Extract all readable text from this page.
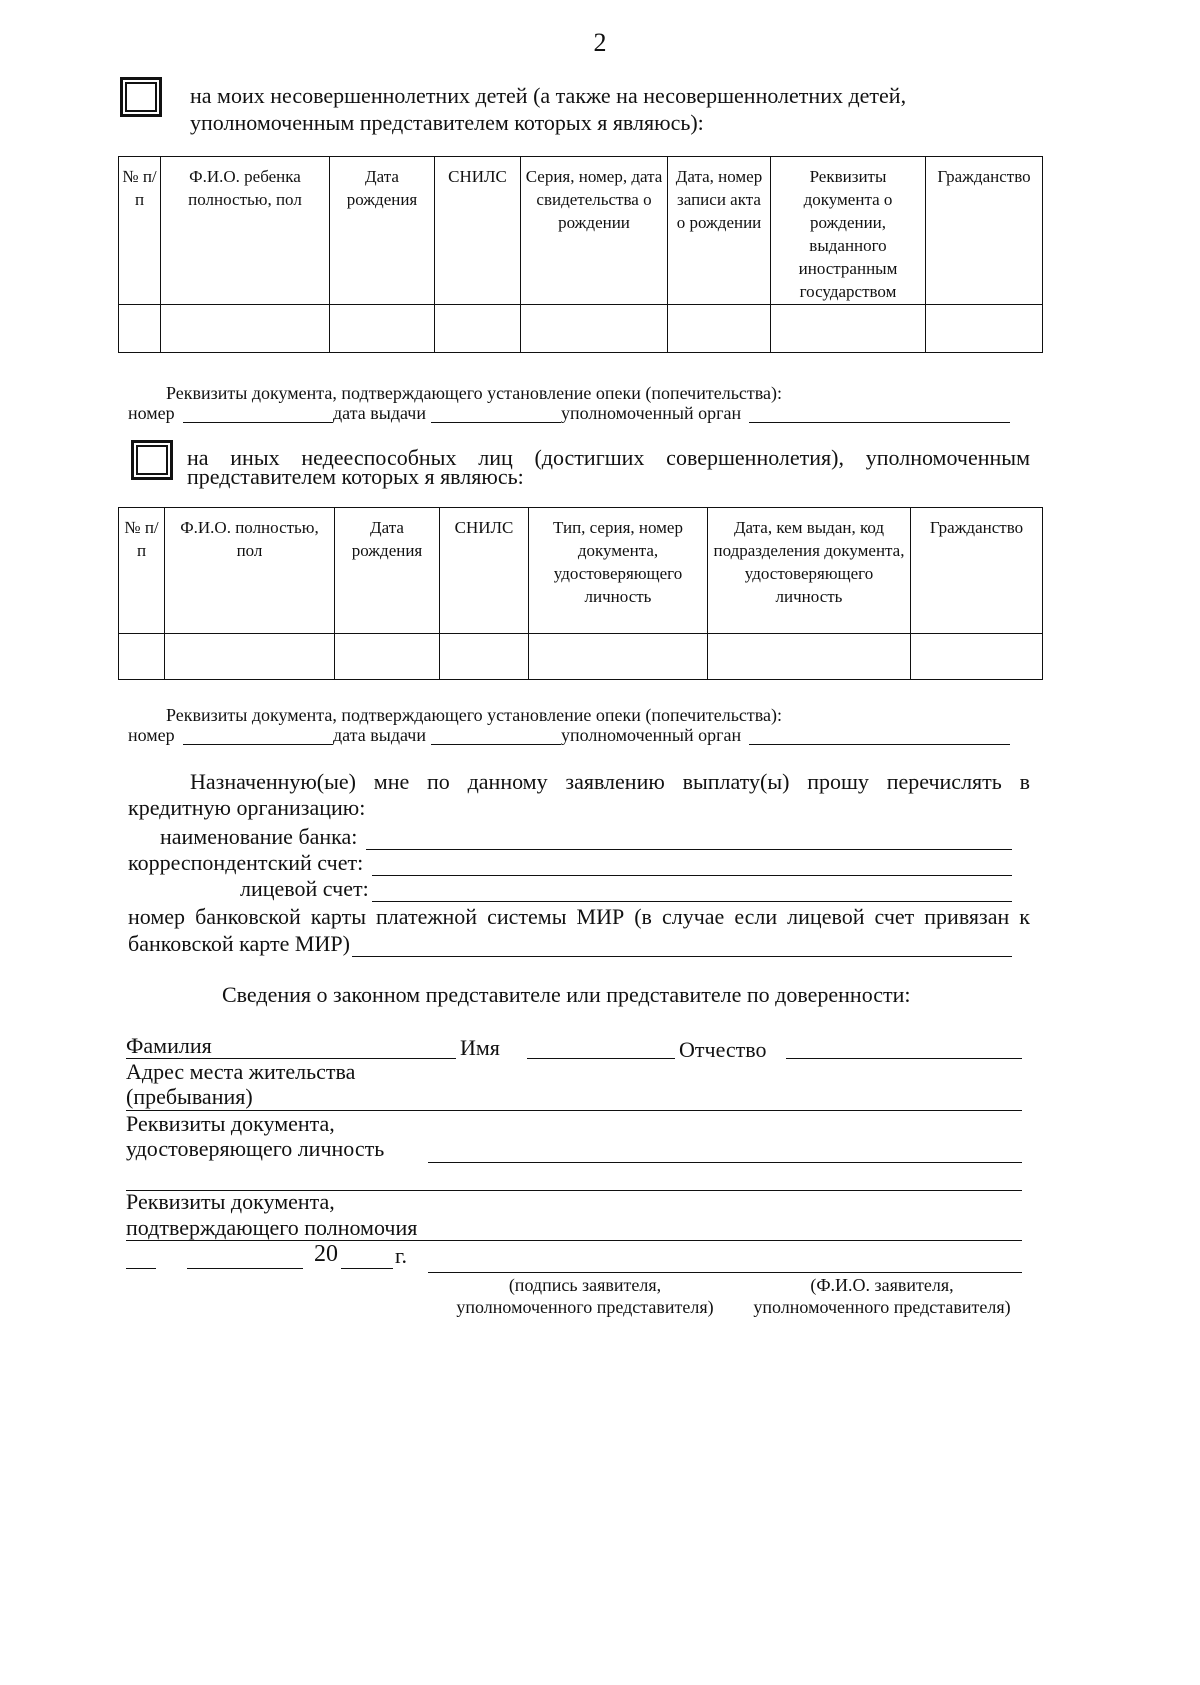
2
на моих несовершеннолетних детей (а также на несовершеннолетних детей, уполномоченным представителем которых я являюсь):
№ п/п	Ф.И.О. ребенка полностью, пол	Дата рождения	СНИЛС	Серия, номер, дата свидетельства о рождении	Дата, номер записи акта о рождении	Реквизиты документа о рождении, выданного иностранным государством	Гражданство

Реквизиты документа, подтверждающего установление опеки (попечительства):
номер	дата выдачи	уполномоченный орган
на иных недееспособных лиц (достигших совершеннолетия), уполномоченным
представителем которых я являюсь:
№ п/п	Ф.И.О. полностью, пол	Дата рождения	СНИЛС	Тип, серия, номер документа, удостоверяющего личность	Дата, кем выдан, код подразделения документа, удостоверяющего личность	Гражданство

Реквизиты документа, подтверждающего установление опеки (попечительства):
номер	дата выдачи	уполномоченный орган
Назначенную(ые) мне по данному заявлению выплату(ы) прошу перечислять в кредитную организацию:
наименование банка:
корреспондентский счет:
лицевой счет:
номер банковской карты платежной системы МИР (в случае если лицевой счет привязан к банковской карте МИР)
Сведения о законном представителе или представителе по доверенности:
Фамилия	Имя	Отчество
Адрес места жительства
(пребывания)
Реквизиты документа,
удостоверяющего личность
Реквизиты документа,
подтверждающего полномочия
20	г.
(подпись заявителя,
уполномоченного представителя)
(Ф.И.О. заявителя,
уполномоченного представителя)
